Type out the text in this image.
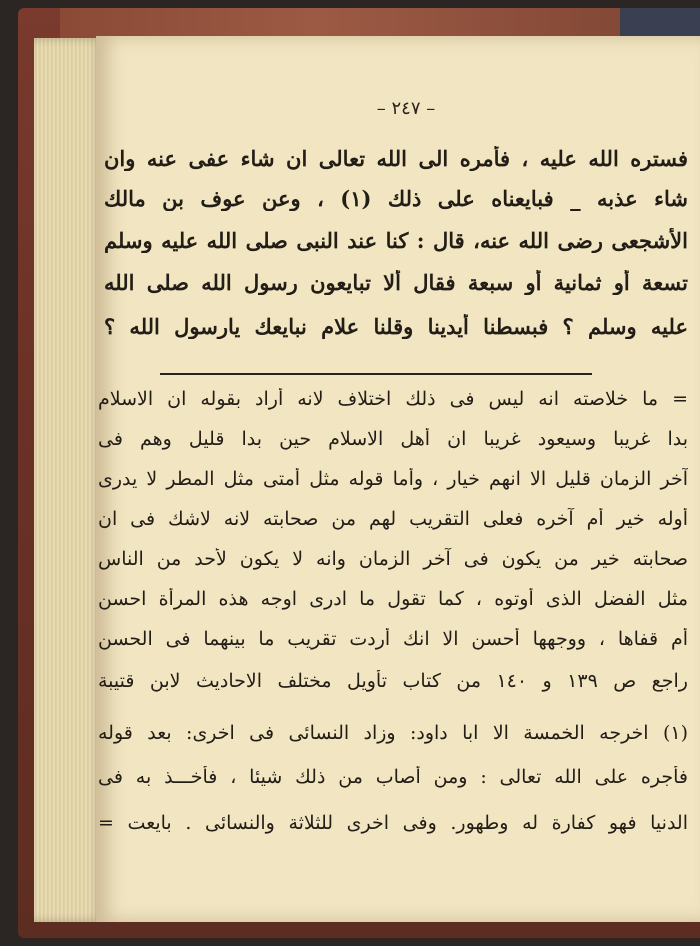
– ٢٤٧ –
فستره الله عليه ، فأمره الى الله تعالى ان شاء عفى عنه وان
شاء عذبه _ فبايعناه على ذلك (١) ، وعن عوف بن مالك
الأشجعى رضى الله عنه، قال : كنا عند النبى صلى الله عليه وسلم
تسعة أو ثمانية أو سبعة فقال ألا تبايعون رسول الله صلى الله
عليه وسلم ؟ فبسطنا أيدينا وقلنا علام نبايعك يارسول الله ؟
= ما خلاصته انه ليس فى ذلك اختلاف لانه أراد بقوله ان الاسلام
بدا غريبا وسيعود غريبا ان أهل الاسلام حين بدا قليل وهم فى
آخر الزمان قليل الا انهم خيار ، وأما قوله مثل أمتى مثل المطر لا يدرى
أوله خير أم آخره فعلى التقريب لهم من صحابته لانه لاشك فى ان
صحابته خير من يكون فى آخر الزمان وانه لا يكون لأحد من الناس
مثل الفضل الذى أوتوه ، كما تقول ما ادرى اوجه هذه المرأة احسن
أم قفاها ، ووجهها أحسن الا انك أردت تقريب ما بينهما فى الحسن
راجع ص ١٣٩ و ١٤٠ من كتاب تأويل مختلف الاحاديث لابن قتيبة
(١) اخرجه الخمسة الا ابا داود: وزاد النسائى فى اخرى: بعد قوله
فأجره على الله تعالى : ومن أصاب من ذلك شيئا ، فأخـــذ به فى
الدنيا فهو كفارة له وطهور. وفى اخرى للثلاثة والنسائى . بايعت =
